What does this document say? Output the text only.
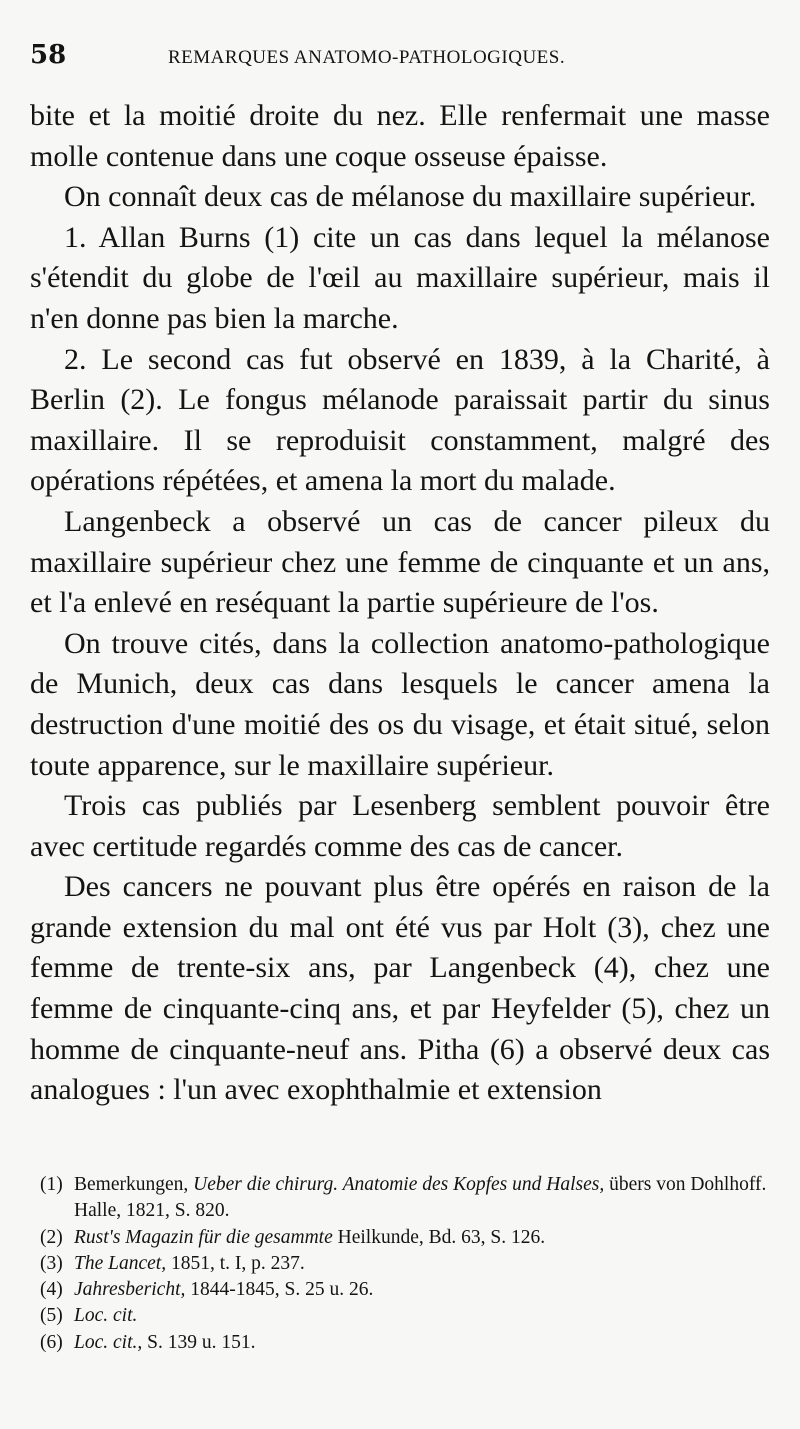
58	REMARQUES ANATOMO-PATHOLOGIQUES.

bite et la moitié droite du nez. Elle renfermait une masse molle contenue dans une coque osseuse épaisse.

On connaît deux cas de mélanose du maxillaire supérieur.

1. Allan Burns (1) cite un cas dans lequel la mélanose s'étendit du globe de l'œil au maxillaire supérieur, mais il n'en donne pas bien la marche.

2. Le second cas fut observé en 1839, à la Charité, à Berlin (2). Le fongus mélanode paraissait partir du sinus maxillaire. Il se reproduisit constamment, malgré des opérations répétées, et amena la mort du malade.

Langenbeck a observé un cas de cancer pileux du maxillaire supérieur chez une femme de cinquante et un ans, et l'a enlevé en reséquant la partie supérieure de l'os.

On trouve cités, dans la collection anatomo-pathologique de Munich, deux cas dans lesquels le cancer amena la destruction d'une moitié des os du visage, et était situé, selon toute apparence, sur le maxillaire supérieur.

Trois cas publiés par Lesenberg semblent pouvoir être avec certitude regardés comme des cas de cancer.

Des cancers ne pouvant plus être opérés en raison de la grande extension du mal ont été vus par Holt (3), chez une femme de trente-six ans, par Langenbeck (4), chez une femme de cinquante-cinq ans, et par Heyfelder (5), chez un homme de cinquante-neuf ans. Pitha (6) a observé deux cas analogues : l'un avec exophthalmie et extension

(1) Bemerkungen, Ueber die chirurg. Anatomie des Kopfes und Halses, übers von Dohlhoff. Halle, 1821, S. 820.

(2) Rust's Magazin für die gesammte Heilkunde, Bd. 63, S. 126.

(3) The Lancet, 1851, t. I, p. 237.

(4) Jahresbericht, 1844-1845, S. 25 u. 26.

(5) Loc. cit.

(6) Loc. cit., S. 139 u. 151.
